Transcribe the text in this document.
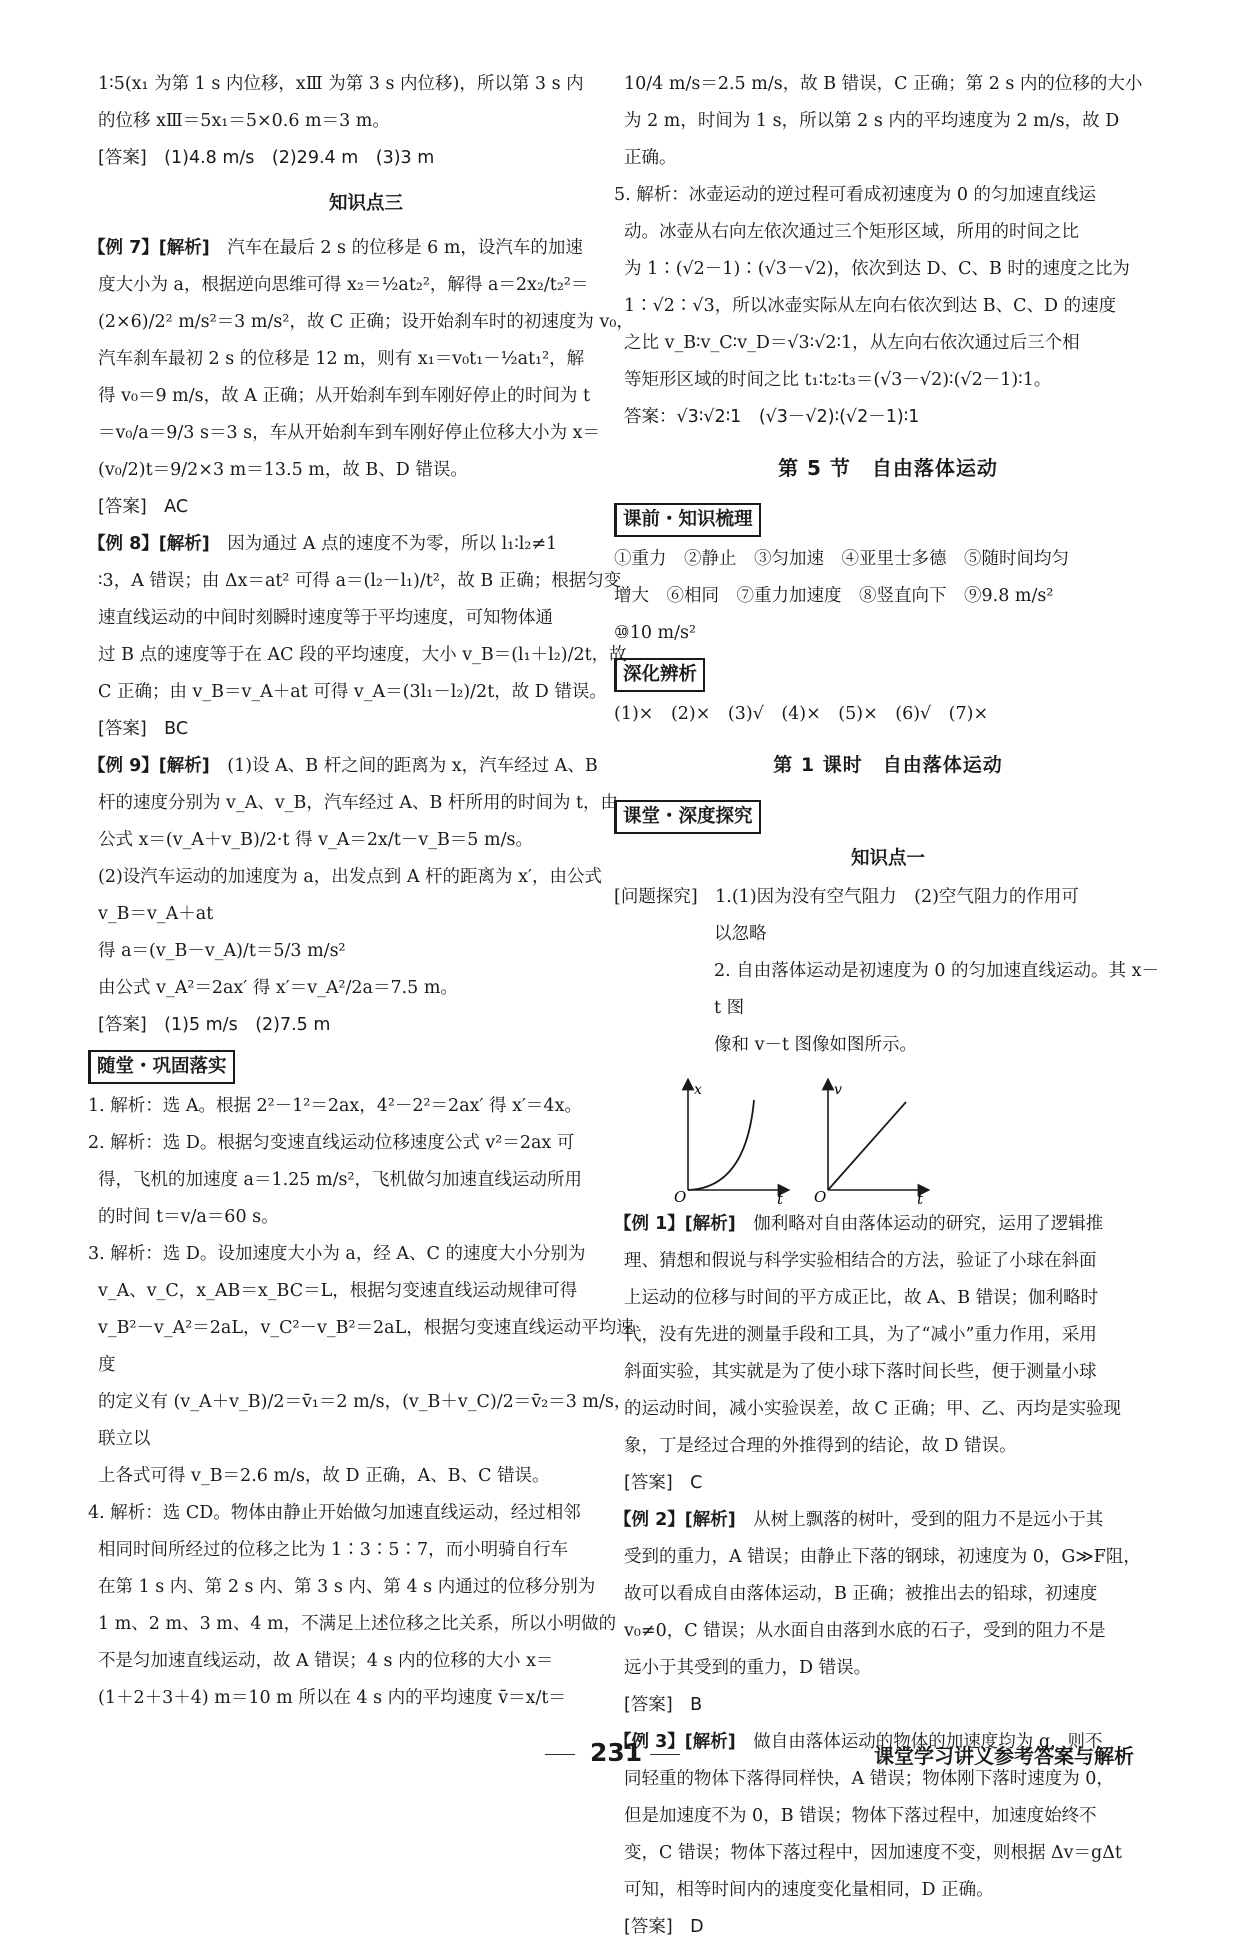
1∶5(x₁ 为第 1 s 内位移，xⅢ 为第 3 s 内位移)，所以第 3 s 内

的位移 xⅢ＝5x₁＝5×0.6 m＝3 m。

[答案]　(1)4.8 m/s　(2)29.4 m　(3)3 m

知识点三

【例 7】[解析]　 汽车在最后 2 s 的位移是 6 m，设汽车的加速

度大小为 a，根据逆向思维可得 x₂＝½at₂²，解得 a＝2x₂/t₂²＝

(2×6)/2² m/s²＝3 m/s²，故 C 正确；设开始刹车时的初速度为 v₀，

汽车刹车最初 2 s 的位移是 12 m，则有 x₁＝v₀t₁－½at₁²，解

得 v₀＝9 m/s，故 A 正确；从开始刹车到车刚好停止的时间为 t

＝v₀/a＝9/3 s＝3 s，车从开始刹车到车刚好停止位移大小为 x＝

(v₀/2)t＝9/2×3 m＝13.5 m，故 B、D 错误。

[答案]　AC

【例 8】[解析]　 因为通过 A 点的速度不为零，所以 l₁∶l₂≠1

∶3，A 错误；由 Δx＝at² 可得 a＝(l₂－l₁)/t²，故 B 正确；根据匀变

速直线运动的中间时刻瞬时速度等于平均速度，可知物体通

过 B 点的速度等于在 AC 段的平均速度，大小 v_B＝(l₁＋l₂)/2t，故

C 正确；由 v_B＝v_A＋at 可得 v_A＝(3l₁－l₂)/2t，故 D 错误。

[答案]　BC

【例 9】[解析]　 (1)设 A、B 杆之间的距离为 x，汽车经过 A、B

杆的速度分别为 v_A、v_B，汽车经过 A、B 杆所用的时间为 t，由

公式 x＝(v_A＋v_B)/2·t 得 v_A＝2x/t－v_B＝5 m/s。

(2)设汽车运动的加速度为 a，出发点到 A 杆的距离为 x′，由公式

v_B＝v_A＋at

得 a＝(v_B－v_A)/t＝5/3 m/s²

由公式 v_A²＝2ax′ 得 x′＝v_A²/2a＝7.5 m。

[答案]　(1)5 m/s　(2)7.5 m

随堂・巩固落实

1. 解析：选 A。根据 2²－1²＝2ax，4²－2²＝2ax′ 得 x′＝4x。

2. 解析：选 D。根据匀变速直线运动位移速度公式 v²＝2ax 可

得，飞机的加速度 a＝1.25 m/s²，飞机做匀加速直线运动所用

的时间 t＝v/a＝60 s。

3. 解析：选 D。设加速度大小为 a，经 A、C 的速度大小分别为

v_A、v_C，x_AB＝x_BC＝L，根据匀变速直线运动规律可得

v_B²－v_A²＝2aL，v_C²－v_B²＝2aL，根据匀变速直线运动平均速度

的定义有 (v_A＋v_B)/2＝v̄₁＝2 m/s，(v_B＋v_C)/2＝v̄₂＝3 m/s，联立以

上各式可得 v_B＝2.6 m/s，故 D 正确，A、B、C 错误。

4. 解析：选 CD。物体由静止开始做匀加速直线运动，经过相邻

相同时间所经过的位移之比为 1∶3∶5∶7，而小明骑自行车

在第 1 s 内、第 2 s 内、第 3 s 内、第 4 s 内通过的位移分别为

1 m、2 m、3 m、4 m，不满足上述位移之比关系，所以小明做的

不是匀加速直线运动，故 A 错误；4 s 内的位移的大小 x＝

(1＋2＋3＋4) m＝10 m 所以在 4 s 内的平均速度 v̄＝x/t＝

10/4 m/s＝2.5 m/s，故 B 错误，C 正确；第 2 s 内的位移的大小

为 2 m，时间为 1 s，所以第 2 s 内的平均速度为 2 m/s，故 D

正确。

5. 解析：冰壶运动的逆过程可看成初速度为 0 的匀加速直线运

动。冰壶从右向左依次通过三个矩形区域，所用的时间之比

为 1∶(√2－1)∶(√3－√2)，依次到达 D、C、B 时的速度之比为

1∶√2∶√3，所以冰壶实际从左向右依次到达 B、C、D 的速度

之比 v_B∶v_C∶v_D＝√3∶√2∶1，从左向右依次通过后三个相

等矩形区域的时间之比 t₁∶t₂∶t₃＝(√3－√2)∶(√2－1)∶1。

答案：√3∶√2∶1　(√3－√2)∶(√2－1)∶1

第 5 节　自由落体运动

课前・知识梳理

①重力　②静止　③匀加速　④亚里士多德　⑤随时间均匀

增大　⑥相同　⑦重力加速度　⑧竖直向下　⑨9.8 m/s²

⑩10 m/s²

深化辨析

(1)×　(2)×　(3)√　(4)×　(5)×　(6)√　(7)×

第 1 课时　自由落体运动

课堂・深度探究

知识点一

[问题探究]　1.(1)因为没有空气阻力　(2)空气阻力的作用可

以忽略

2. 自由落体运动是初速度为 0 的匀加速直线运动。其 x－t 图

像和 v－t 图像如图所示。

x
O	t
v
O	t

【例 1】[解析]　 伽利略对自由落体运动的研究，运用了逻辑推

理、猜想和假说与科学实验相结合的方法，验证了小球在斜面

上运动的位移与时间的平方成正比，故 A、B 错误；伽利略时

代，没有先进的测量手段和工具，为了“减小”重力作用，采用

斜面实验，其实就是为了使小球下落时间长些，便于测量小球

的运动时间，减小实验误差，故 C 正确；甲、乙、丙均是实验现

象，丁是经过合理的外推得到的结论，故 D 错误。

[答案]　C

【例 2】[解析]　 从树上飘落的树叶，受到的阻力不是远小于其

受到的重力，A 错误；由静止下落的钢球，初速度为 0，G≫F阻，

故可以看成自由落体运动，B 正确；被推出去的铅球，初速度

v₀≠0，C 错误；从水面自由落到水底的石子，受到的阻力不是

远小于其受到的重力，D 错误。

[答案]　B

【例 3】[解析]　 做自由落体运动的物体的加速度均为 g，则不

同轻重的物体下落得同样快，A 错误；物体刚下落时速度为 0，

但是加速度不为 0，B 错误；物体下落过程中，加速度始终不

变，C 错误；物体下落过程中，因加速度不变，则根据 Δv＝gΔt

可知，相等时间内的速度变化量相同，D 正确。

[答案]　D

231	课堂学习讲义参考答案与解析
